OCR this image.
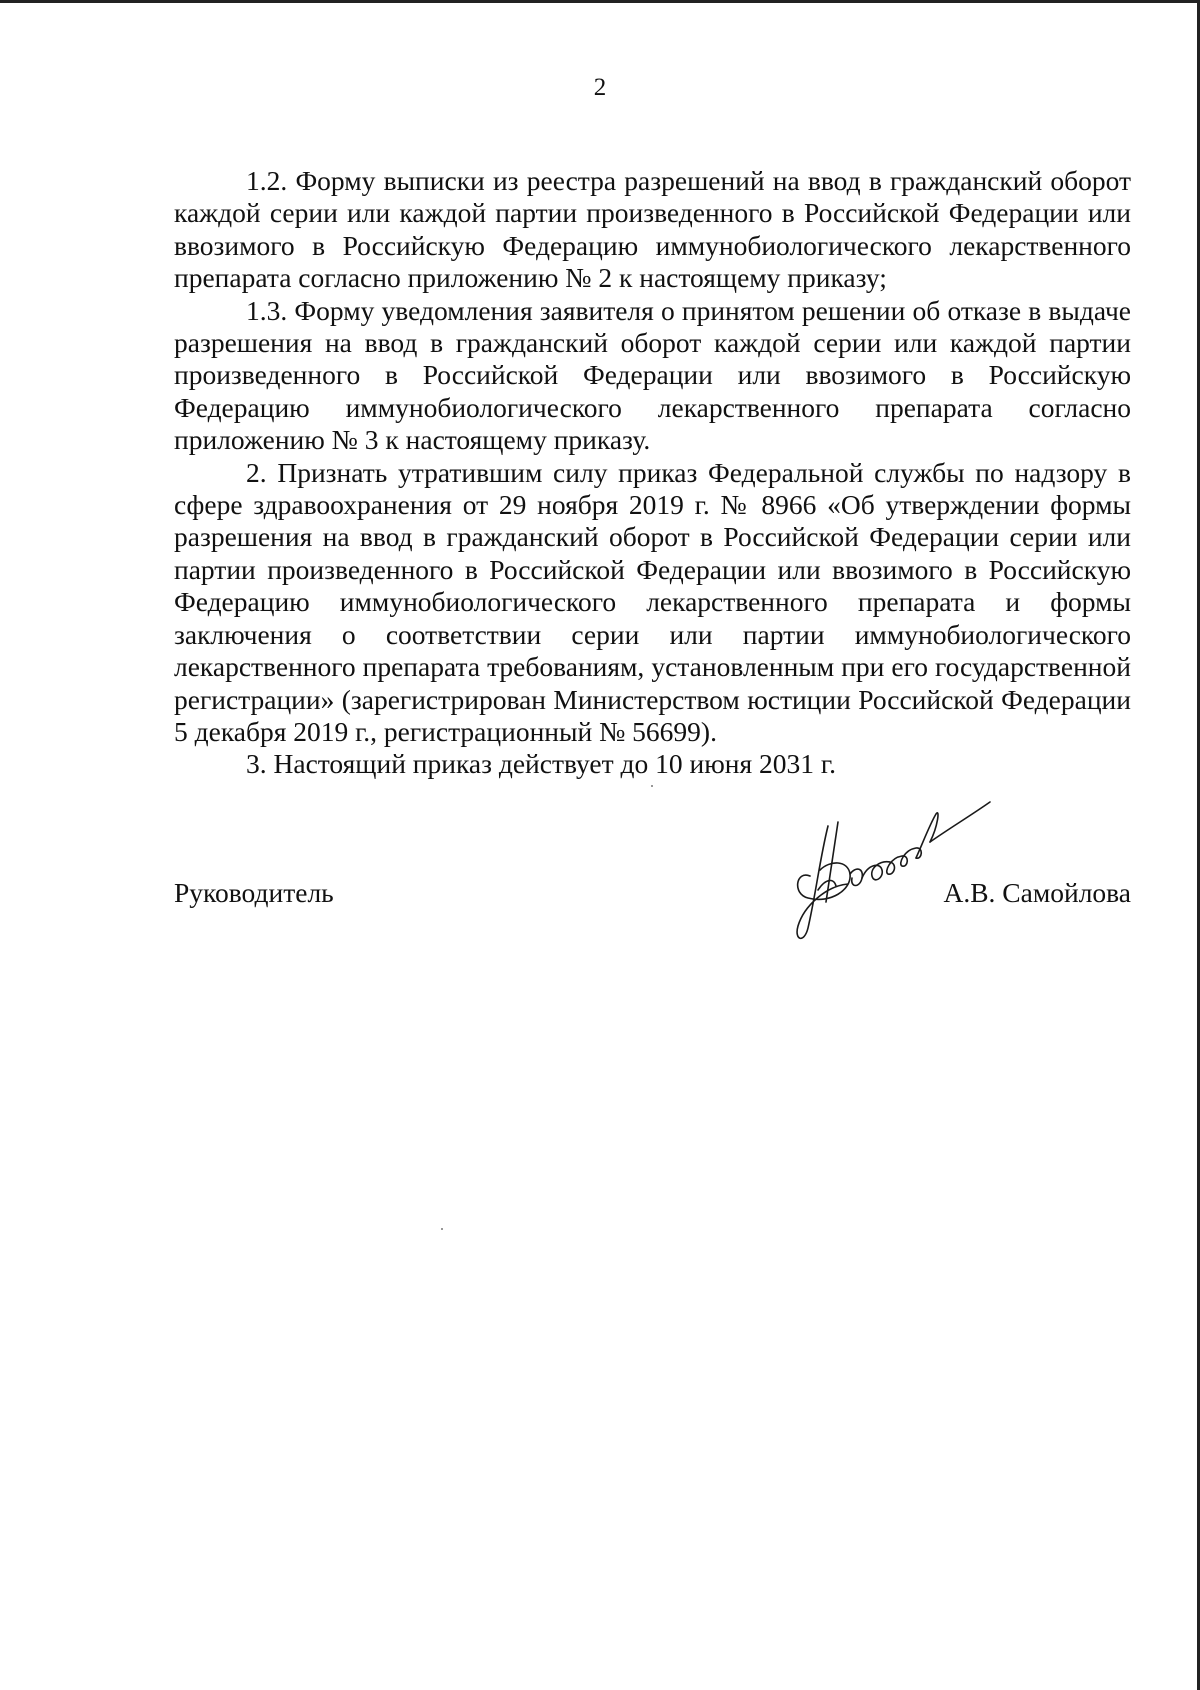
2

1.2. Форму выписки из реестра разрешений на ввод в гражданский оборот каждой серии или каждой партии произведенного в Российской Федерации или ввозимого в Российскую Федерацию иммунобиологического лекарственного препарата согласно приложению № 2 к настоящему приказу;

1.3. Форму уведомления заявителя о принятом решении об отказе в выдаче разрешения на ввод в гражданский оборот каждой серии или каждой партии произведенного в Российской Федерации или ввозимого в Российскую Федерацию иммунобиологического лекарственного препарата согласно приложению № 3 к настоящему приказу.

2. Признать утратившим силу приказ Федеральной службы по надзору в сфере здравоохранения от 29 ноября 2019 г. № 8966 «Об утверждении формы разрешения на ввод в гражданский оборот в Российской Федерации серии или партии произведенного в Российской Федерации или ввозимого в Российскую Федерацию иммунобиологического лекарственного препарата и формы заключения о соответствии серии или партии иммунобиологического лекарственного препарата требованиям, установленным при его государственной регистрации» (зарегистрирован Министерством юстиции Российской Федерации 5 декабря 2019 г., регистрационный № 56699).

3. Настоящий приказ действует до 10 июня 2031 г.

Руководитель	А.В. Самойлова
